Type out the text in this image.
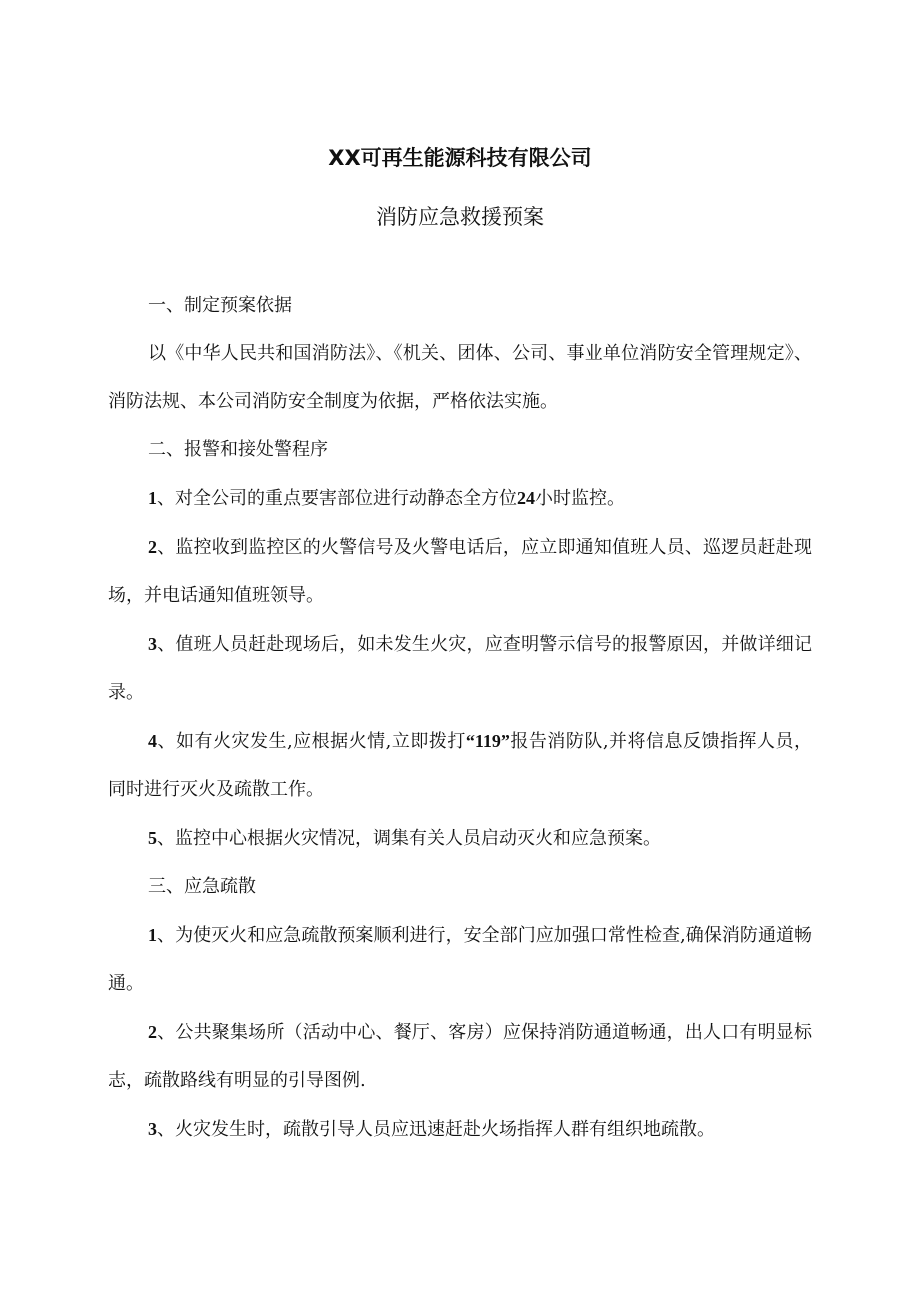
XX可再生能源科技有限公司
消防应急救援预案
一、制定预案依据
以《中华人民共和国消防法》、《机关、团体、公司、事业单位消防安全管理规定》、消防法规、本公司消防安全制度为依据，严格依法实施。
二、报警和接处警程序
1、对全公司的重点要害部位进行动静态全方位24小时监控。
2、监控收到监控区的火警信号及火警电话后，应立即通知值班人员、巡逻员赶赴现场，并电话通知值班领导。
3、值班人员赶赴现场后，如未发生火灾，应查明警示信号的报警原因，并做详细记录。
4、如有火灾发生,应根据火情,立即拨打“119”报告消防队,并将信息反馈指挥人员，同时进行灭火及疏散工作。
5、监控中心根据火灾情况，调集有关人员启动灭火和应急预案。
三、应急疏散
1、为使灭火和应急疏散预案顺利进行，安全部门应加强口常性检查,确保消防通道畅通。
2、公共聚集场所（活动中心、餐厅、客房）应保持消防通道畅通，出人口有明显标志，疏散路线有明显的引导图例.
3、火灾发生时，疏散引导人员应迅速赶赴火场指挥人群有组织地疏散。
